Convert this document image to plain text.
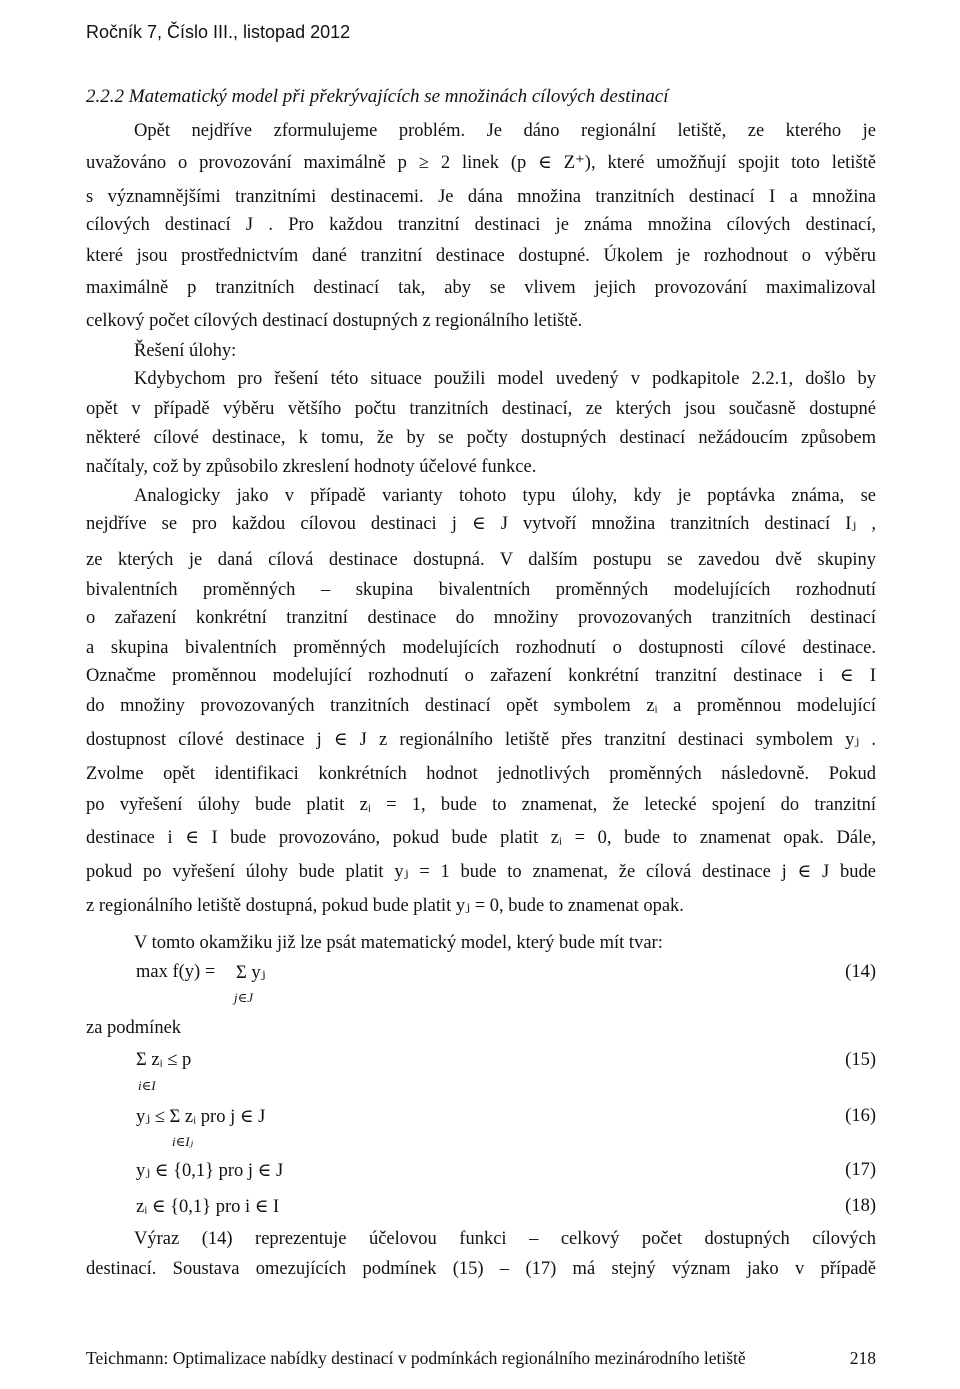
Ročník 7, Číslo III., listopad 2012
2.2.2 Matematický model při překrývajících se množinách cílových destinací
Opět nejdříve zformulujeme problém. Je dáno regionální letiště, ze kterého je
uvažováno o provozování maximálně p ≥ 2 linek (p ∈ Z⁺), které umožňují spojit toto letiště
s významnějšími tranzitními destinacemi. Je dána množina tranzitních destinací I a množina
cílových destinací J . Pro každou tranzitní destinaci je známa množina cílových destinací,
které jsou prostřednictvím dané tranzitní destinace dostupné. Úkolem je rozhodnout o výběru
maximálně p tranzitních destinací tak, aby se vlivem jejich provozování maximalizoval
celkový počet cílových destinací dostupných z regionálního letiště.
Řešení úlohy:
Kdybychom pro řešení této situace použili model uvedený v podkapitole 2.2.1, došlo by
opět v případě výběru většího počtu tranzitních destinací, ze kterých jsou současně dostupné
některé cílové destinace, k tomu, že by se počty dostupných destinací nežádoucím způsobem
načítaly, což by způsobilo zkreslení hodnoty účelové funkce.
Analogicky jako v případě varianty tohoto typu úlohy, kdy je poptávka známa, se
nejdříve se pro každou cílovou destinaci j ∈ J vytvoří množina tranzitních destinací Iⱼ ,
ze kterých je daná cílová destinace dostupná. V dalším postupu se zavedou dvě skupiny
bivalentních proměnných – skupina bivalentních proměnných modelujících rozhodnutí
o zařazení konkrétní tranzitní destinace do množiny provozovaných tranzitních destinací
a skupina bivalentních proměnných modelujících rozhodnutí o dostupnosti cílové destinace.
Označme proměnnou modelující rozhodnutí o zařazení konkrétní tranzitní destinace i ∈ I
do množiny provozovaných tranzitních destinací opět symbolem zᵢ a proměnnou modelující
dostupnost cílové destinace j ∈ J z regionálního letiště přes tranzitní destinaci symbolem yⱼ .
Zvolme opět identifikaci konkrétních hodnot jednotlivých proměnných následovně. Pokud
po vyřešení úlohy bude platit zᵢ = 1, bude to znamenat, že letecké spojení do tranzitní
destinace i ∈ I bude provozováno, pokud bude platit zᵢ = 0, bude to znamenat opak. Dále,
pokud po vyřešení úlohy bude platit yⱼ = 1 bude to znamenat, že cílová destinace j ∈ J bude
z regionálního letiště dostupná, pokud bude platit yⱼ = 0, bude to znamenat opak.
V tomto okamžiku již lze psát matematický model, který bude mít tvar:
max f(y) = Σ yⱼ
j∈J
(14)
za podmínek
Σ zᵢ ≤ p
i∈I
(15)
yⱼ ≤ Σ zᵢ pro j ∈ J
i∈Iⱼ
(16)
yⱼ ∈ {0,1} pro j ∈ J	(17)
zᵢ ∈ {0,1} pro i ∈ I	(18)
Výraz (14) reprezentuje účelovou funkci – celkový počet dostupných cílových
destinací. Soustava omezujících podmínek (15) – (17) má stejný význam jako v případě
Teichmann: Optimalizace nabídky destinací v podmínkách regionálního mezinárodního letiště	218
